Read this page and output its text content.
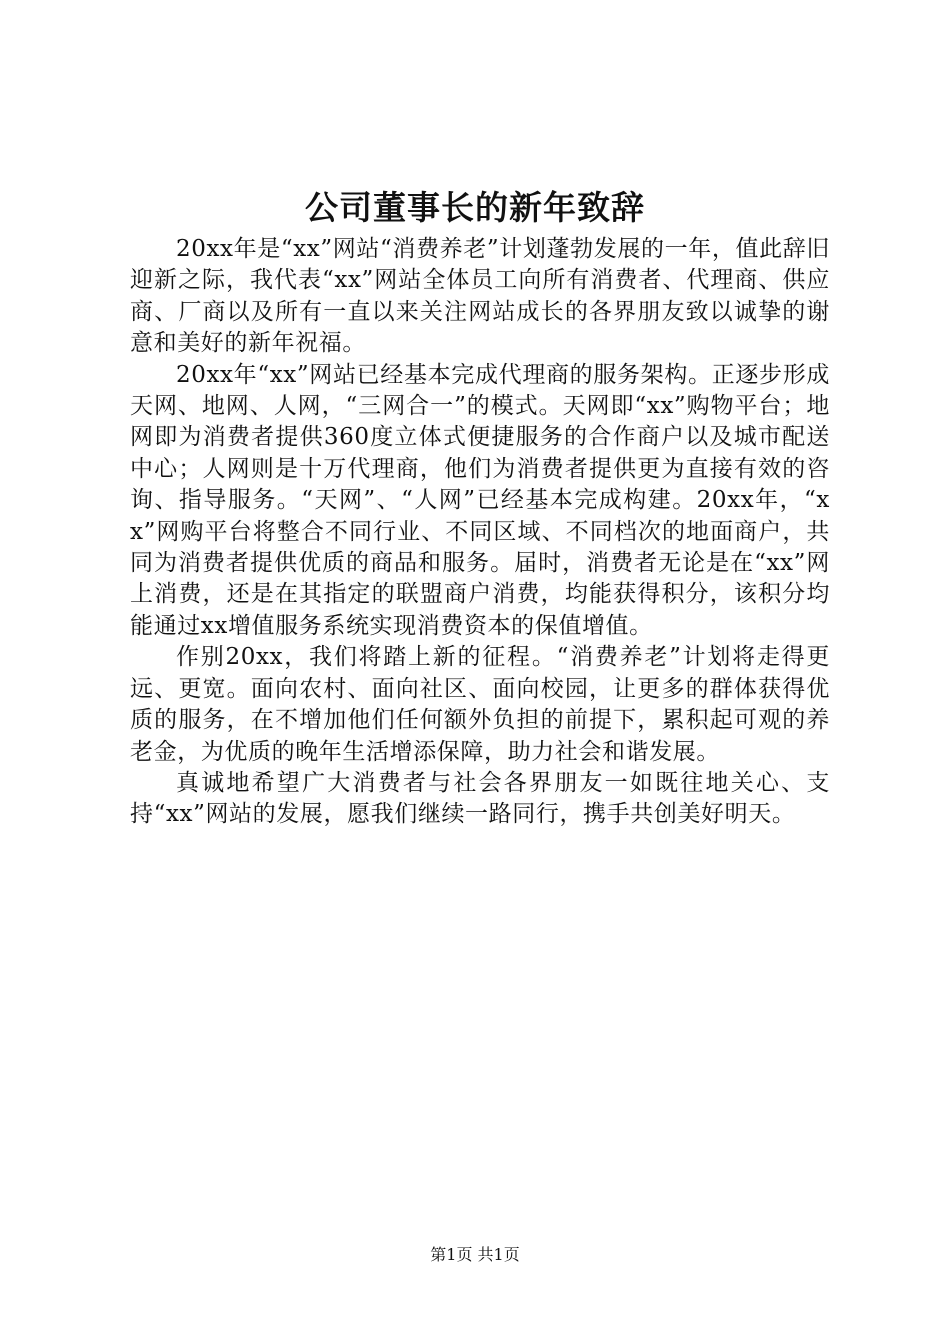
公司董事长的新年致辞

20xx年是“xx”网站“消费养老”计划蓬勃发展的一年，值此辞旧迎新之际，我代表“xx”网站全体员工向所有消费者、代理商、供应商、厂商以及所有一直以来关注网站成长的各界朋友致以诚挚的谢意和美好的新年祝福。

20xx年“xx”网站已经基本完成代理商的服务架构。正逐步形成天网、地网、人网，“三网合一”的模式。天网即“xx”购物平台；地网即为消费者提供360度立体式便捷服务的合作商户以及城市配送中心；人网则是十万代理商，他们为消费者提供更为直接有效的咨询、指导服务。“天网”、“人网”已经基本完成构建。20xx年，“xx”网购平台将整合不同行业、不同区域、不同档次的地面商户，共同为消费者提供优质的商品和服务。届时，消费者无论是在“xx”网上消费，还是在其指定的联盟商户消费，均能获得积分，该积分均能通过xx增值服务系统实现消费资本的保值增值。

作别20xx，我们将踏上新的征程。“消费养老”计划将走得更远、更宽。面向农村、面向社区、面向校园，让更多的群体获得优质的服务，在不增加他们任何额外负担的前提下，累积起可观的养老金，为优质的晚年生活增添保障，助力社会和谐发展。

真诚地希望广大消费者与社会各界朋友一如既往地关心、支持“xx”网站的发展，愿我们继续一路同行，携手共创美好明天。

第1页 共1页
